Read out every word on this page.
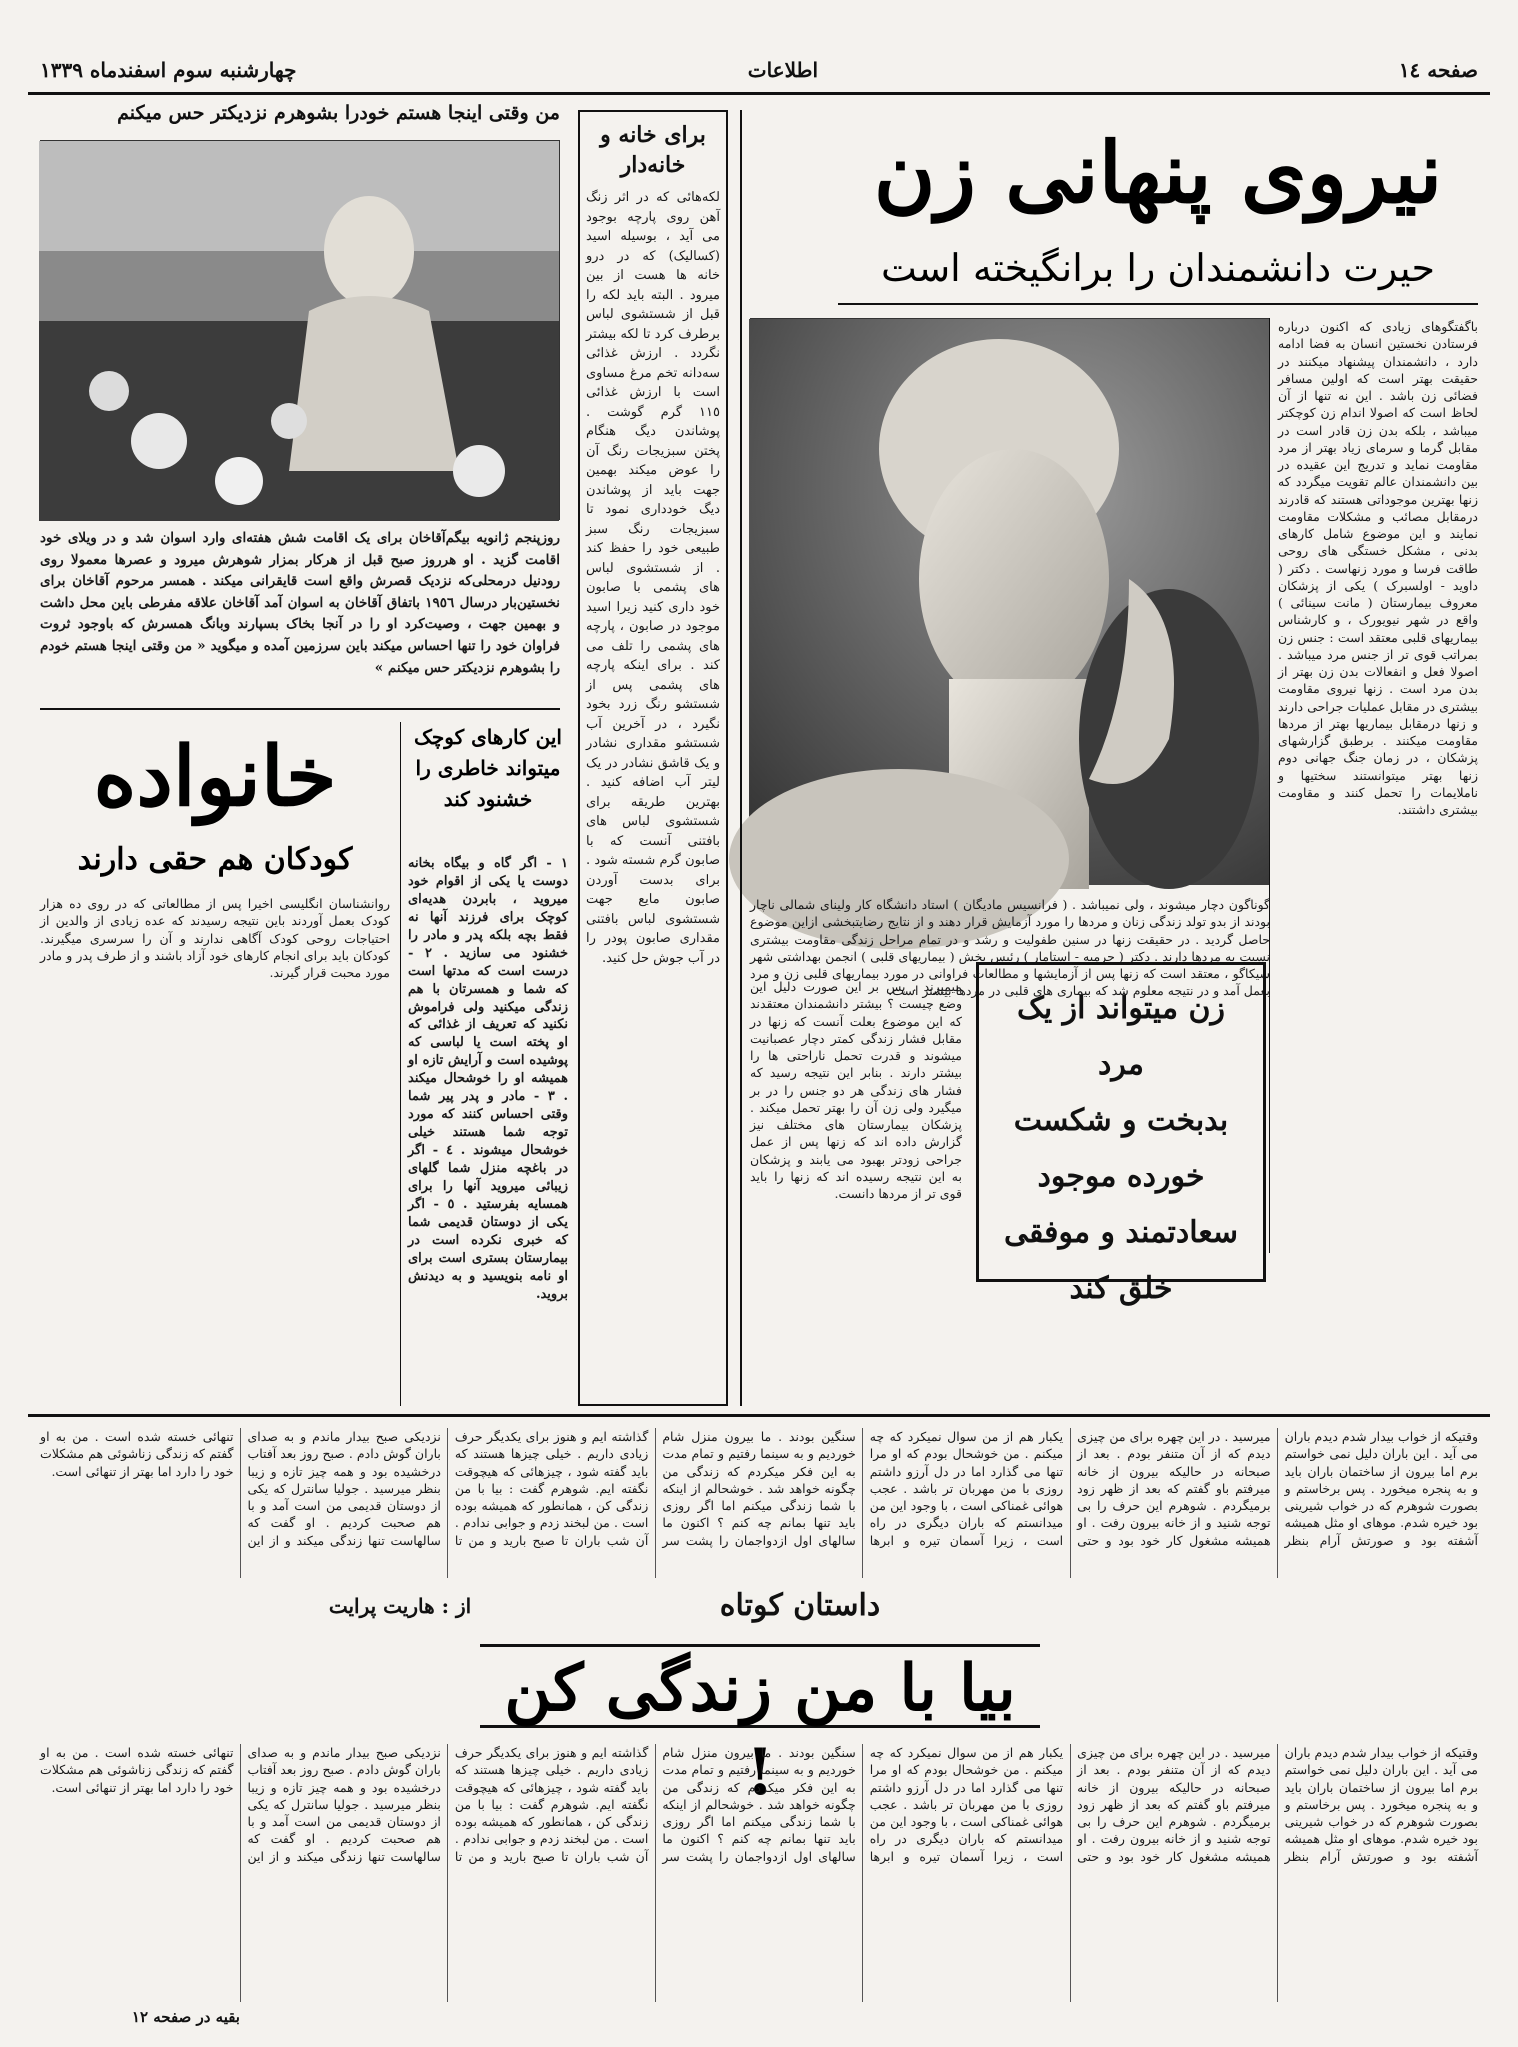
صفحه ١٤
اطلاعات
چهارشنبه سوم اسفندماه ١٣٣٩
نیروی پنهانی زن
حیرت دانشمندان را برانگیخته است
باگفتگوهای زیادی که اکنون درباره فرستادن نخستین انسان به فضا ادامه دارد ، دانشمندان پیشنهاد میکنند در حقیقت بهتر است که اولین مسافر فضائی زن باشد . این نه تنها از آن لحاظ است که اصولا اندام زن کوچکتر میباشد ، بلکه بدن زن قادر است در مقابل گرما و سرمای زیاد بهتر از مرد مقاومت نماید و تدریج این عقیده در بین دانشمندان عالم تقویت میگردد که زنها بهترین موجوداتی هستند که قادرند درمقابل مصائب و مشکلات مقاومت نمایند و این موضوع شامل کارهای بدنی ، مشکل خستگی های روحی طاقت فرسا و مورد زنهاست . دکتر ( داوید - اولسبرک ) یکی از پزشکان معروف بیمارستان ( مانت سینائی ) واقع در شهر نیویورک ، و کارشناس بیماریهای قلبی معتقد است : جنس زن بمراتب قوی تر از جنس مرد میباشد . اصولا فعل و انفعالات بدن زن بهتر از بدن مرد است . زنها نیروی مقاومت بیشتری در مقابل عملیات جراحی دارند و زنها درمقابل بیماریها بهتر از مردها مقاومت میکنند . برطبق گزارشهای پزشکان ، در زمان جنگ جهانی دوم زنها بهتر میتوانستند سختیها و ناملایمات را تحمل کنند و مقاومت بیشتری داشتند.
گوناگون دچار میشوند ، ولی نمیباشد . ( فرانسیس مادیگان ) استاد دانشگاه کار ولینای شمالی ناچار بودند از بدو تولد زندگی زنان و مردها را مورد آزمایش قرار دهند و از نتایج رضایتبخشی ازاین موضوع حاصل گردید . در حقیقت زنها در سنین طفولیت و رشد و در تمام مراحل زندگی مقاومت بیشتری نسبت به مردها دارند . دکتر ( جرمیه - استامار ) رئیس بخش ( بیماریهای قلبی ) انجمن بهداشتی شهر شیکاگو ، معتقد است که زنها پس از آزمایشها و مطالعات فراوانی در مورد بیماریهای قلبی زن و مرد بعمل آمد و در نتیجه معلوم شد که بیماری های قلبی در مردها بیشتر است.
زن میتواند از یک مرد
بدبخت و شکست
خورده موجود
سعادتمند و موفقی
خلق کند
میمیرند . پس بر این صورت دلیل این وضع چیست ؟ بیشتر دانشمندان معتقدند که این موضوع بعلت آنست که زنها در مقابل فشار زندگی کمتر دچار عصبانیت میشوند و قدرت تحمل ناراحتی ها را بیشتر دارند . بنابر این نتیجه رسید که فشار های زندگی هر دو جنس را در بر میگیرد ولی زن آن را بهتر تحمل میکند . پزشکان بیمارستان های مختلف نیز گزارش داده اند که زنها پس از عمل جراحی زودتر بهبود می یابند و پزشکان به این نتیجه رسیده اند که زنها را باید قوی تر از مردها دانست.
برای خانه و خانه‌دار
لکه‌هائی که در اثر زنگ آهن روی پارچه بوجود می آید ، بوسیله اسید (کسالیک) که در درو خانه ها هست از بین میرود . البته باید لکه را قبل از شستشوی لباس برطرف کرد تا لکه بیشتر نگردد . ارزش غذائی سه‌دانه تخم مرغ مساوی است با ارزش غذائی ١١٥ گرم گوشت . پوشاندن دیگ هنگام پختن سبزیجات رنگ آن را عوض میکند بهمین جهت باید از پوشاندن دیگ خودداری نمود تا سبزیجات رنگ سبز طبیعی خود را حفظ کند . از شستشوی لباس های پشمی با صابون خود داری کنید زیرا اسید موجود در صابون ، پارچه های پشمی را تلف می کند . برای اینکه پارچه های پشمی پس از شستشو رنگ زرد بخود نگیرد ، در آخرین آب شستشو مقداری نشادر و یک قاشق نشادر در یک لیتر آب اضافه کنید . بهترین طریقه برای شستشوی لباس های بافتنی آنست که با صابون گرم شسته شود . برای بدست آوردن صابون مایع جهت شستشوی لباس بافتنی مقداری صابون پودر را در آب جوش حل کنید.
من وقتی اینجا هستم خودرا بشوهرم نزدیکتر حس میکنم
روزپنجم ژانویه بیگم‌آقاخان برای یک اقامت شش هفته‌ای وارد اسوان شد و در ویلای خود اقامت گزید . او هرروز صبح قبل از هرکار بمزار شوهرش میرود و عصرها معمولا روی رودنیل درمحلی‌که نزدیک قصرش واقع است قایقرانی میکند . همسر مرحوم آقاخان برای نخستین‌بار درسال ١٩٥٦ باتفاق آقاخان به اسوان آمد آقاخان علاقه مفرطی باین محل داشت و بهمین جهت ، وصیت‌کرد او را در آنجا بخاک بسپارند وبانگ همسرش که باوجود ثروت فراوان خود را تنها احساس میکند باین سرزمین آمده و میگوید « من وقتی اینجا هستم خودم را بشوهرم نزدیکتر حس میکنم »
خانواده
کودکان هم حقی دارند
روانشناسان انگلیسی اخیرا پس از مطالعاتی که در روی ده هزار کودک بعمل آوردند باین نتیجه رسیدند که عده زیادی از والدین از احتیاجات روحی کودک آگاهی ندارند و آن را سرسری میگیرند. کودکان باید برای انجام کارهای خود آزاد باشند و از طرف پدر و مادر مورد محبت قرار گیرند.
این کارهای کوچک میتواند خاطری را خشنود کند
١ - اگر گاه و بیگاه بخانه دوست یا یکی از اقوام خود میروید ، بابردن هدیه‌ای کوچک برای فرزند آنها نه فقط بچه بلکه پدر و مادر را خشنود می سازید . ٢ - درست است که مدتها است که شما و همسرتان با هم زندگی میکنید ولی فراموش نکنید که تعریف از غذائی که او پخته است یا لباسی که پوشیده است و آرایش تازه او همیشه او را خوشحال میکند . ٣ - مادر و پدر پیر شما وقتی احساس کنند که مورد توجه شما هستند خیلی خوشحال میشوند . ٤ - اگر در باغچه منزل شما گلهای زیبائی میروید آنها را برای همسایه بفرستید . ٥ - اگر یکی از دوستان قدیمی شما که خبری نکرده است در بیمارستان بستری است برای او نامه بنویسید و به دیدنش بروید.
وقتیکه از خواب بیدار شدم دیدم باران می آید . این باران دلیل نمی خواستم برم اما بیرون از ساختمان باران باید و به پنجره میخورد . پس برخاستم و بصورت شوهرم که در خواب شیرینی بود خیره شدم. موهای او مثل همیشه آشفته بود و صورتش آرام بنظر میرسید . در این چهره برای من چیزی دیدم که از آن متنفر بودم . بعد از صبحانه در حالیکه بیرون از خانه میرفتم باو گفتم که بعد از ظهر زود برمیگردم . شوهرم این حرف را بی توجه شنید و از خانه بیرون رفت . او همیشه مشغول کار خود بود و حتی یکبار هم از من سوال نمیکرد که چه میکنم . من خوشحال بودم که او مرا تنها می گذارد اما در دل آرزو داشتم روزی با من مهربان تر باشد . عجب هوائی غمناکی است ، با وجود این من میدانستم که باران دیگری در راه است ، زیرا آسمان تیره و ابرها سنگین بودند . ما بیرون منزل شام خوردیم و به سینما رفتیم و تمام مدت به این فکر میکردم که زندگی من چگونه خواهد شد . خوشحالم از اینکه با شما زندگی میکنم اما اگر روزی باید تنها بمانم چه کنم ؟ اکنون ما سالهای اول ازدواجمان را پشت سر گذاشته ایم و هنوز برای یکدیگر حرف زیادی داریم . خیلی چیزها هستند که باید گفته شود ، چیزهائی که هیچوقت نگفته ایم. شوهرم گفت : بیا با من زندگی کن ، همانطور که همیشه بوده است . من لبخند زدم و جوابی ندادم . آن شب باران تا صبح بارید و من تا نزدیکی صبح بیدار ماندم و به صدای باران گوش دادم . صبح روز بعد آفتاب درخشیده بود و همه چیز تازه و زیبا بنظر میرسید . جولیا سانترل که یکی از دوستان قدیمی من است آمد و با هم صحبت کردیم . او گفت که سالهاست تنها زندگی میکند و از این تنهائی خسته شده است . من به او گفتم که زندگی زناشوئی هم مشکلات خود را دارد اما بهتر از تنهائی است.
داستان کوتاه
از : هاریت پرایت
بیا با من زندگی کن !	وقتیکه از خواب بیدار شدم دیدم باران می آید . این باران دلیل نمی خواستم برم اما بیرون از ساختمان باران باید و به پنجره میخورد . پس برخاستم و بصورت شوهرم که در خواب شیرینی بود خیره شدم. موهای او مثل همیشه آشفته بود و صورتش آرام بنظر میرسید . در این چهره برای من چیزی دیدم که از آن متنفر بودم . بعد از صبحانه در حالیکه بیرون از خانه میرفتم باو گفتم که بعد از ظهر زود برمیگردم . شوهرم این حرف را بی توجه شنید و از خانه بیرون رفت . او همیشه مشغول کار خود بود و حتی یکبار هم از من سوال نمیکرد که چه میکنم . من خوشحال بودم که او مرا تنها می گذارد اما در دل آرزو داشتم روزی با من مهربان تر باشد . عجب هوائی غمناکی است ، با وجود این من میدانستم که باران دیگری در راه است ، زیرا آسمان تیره و ابرها سنگین بودند . ما بیرون منزل شام خوردیم و به سینما رفتیم و تمام مدت به این فکر میکردم که زندگی من چگونه خواهد شد . خوشحالم از اینکه با شما زندگی میکنم اما اگر روزی باید تنها بمانم چه کنم ؟ اکنون ما سالهای اول ازدواجمان را پشت سر گذاشته ایم و هنوز برای یکدیگر حرف زیادی داریم . خیلی چیزها هستند که باید گفته شود ، چیزهائی که هیچوقت نگفته ایم. شوهرم گفت : بیا با من زندگی کن ، همانطور که همیشه بوده است . من لبخند زدم و جوابی ندادم . آن شب باران تا صبح بارید و من تا نزدیکی صبح بیدار ماندم و به صدای باران گوش دادم . صبح روز بعد آفتاب درخشیده بود و همه چیز تازه و زیبا بنظر میرسید . جولیا سانترل که یکی از دوستان قدیمی من است آمد و با هم صحبت کردیم . او گفت که سالهاست تنها زندگی میکند و از این تنهائی خسته شده است . من به او گفتم که زندگی زناشوئی هم مشکلات خود را دارد اما بهتر از تنهائی است.
بقیه در صفحه ١٢
